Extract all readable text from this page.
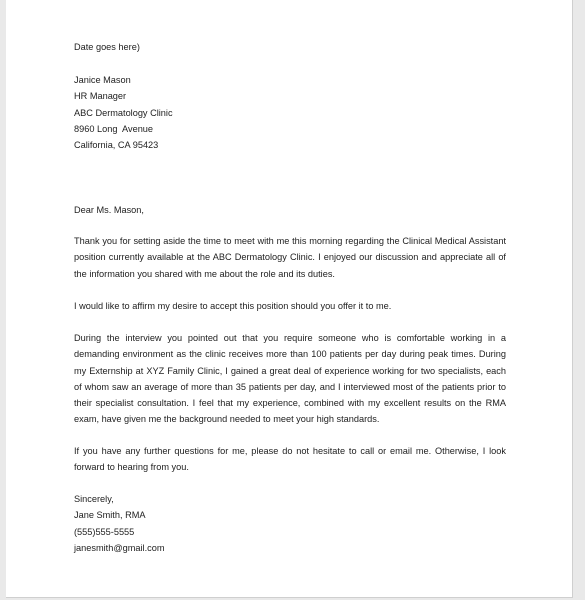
Date goes here)
Janice Mason
HR Manager
ABC Dermatology Clinic
8960 Long  Avenue
California, CA 95423
Dear Ms. Mason,
Thank you for setting aside the time to meet with me this morning regarding the Clinical Medical Assistant position currently available at the ABC Dermatology Clinic. I enjoyed our discussion and appreciate all of the information you shared with me about the role and its duties.
I would like to affirm my desire to accept this position should you offer it to me.
During the interview you pointed out that you require someone who is comfortable working in a demanding environment as the clinic receives more than 100 patients per day during peak times. During my Externship at XYZ Family Clinic, I gained a great deal of experience working for two specialists, each of whom saw an average of more than 35 patients per day, and I interviewed most of the patients prior to their specialist consultation. I feel that my experience, combined with my excellent results on the RMA exam, have given me the background needed to meet your high standards.
If you have any further questions for me, please do not hesitate to call or email me. Otherwise, I look forward to hearing from you.
Sincerely,
Jane Smith, RMA
(555)555-5555
janesmith@gmail.com
